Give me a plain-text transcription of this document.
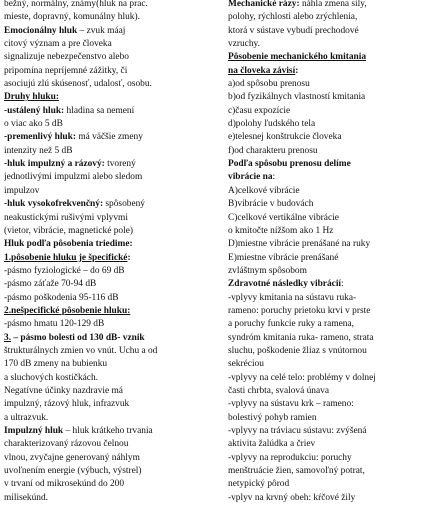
bežný, normálny, známy(hluk na prac.
mieste, dopravný, komunálny hluk).
Emocionálny hluk – zvuk máaj
citový význam a pre človeka
signalizuje nebezpečenstvo alebo
pripomína nepríjemné zážitky, či
asociujú zlú skúsenosť, udalosť, osobu.
Druhy hluku:
-ustálený hluk: hladina sa nemení
o viac ako 5 dB
-premenlivý hluk: má väčšie zmeny
intenzity než 5 dB
-hluk impulzný a rázový: tvorený
jednotlivými impulzmi alebo sledom
impulzov
-hluk vysokofrekvenčný: spôsobený
neakustickými rušivými vplyvmi
(vietor, vibrácie, magnetické pole)
Hluk podľa pôsobenia triedime:
1.pôsobenie hluku je špecifické:
-pásmo fyziologické – do 69 dB
-pásmo záťaže 70-94 dB
-pásmo poškodenia 95-116 dB
2.nešpecifické pôsobenie hluku:
-pásmo hmatu 120-129 dB
3. – pásmo bolesti od 130 dB- vznik
štrukturálnych zmien vo vnút. Uchu a od
170 dB zmeny na bubienku
a sluchových kostičkách.
Negatívne účinky nazdravie má
impulzný, rázový hluk, infrazvuk
a ultrazvuk.
Impulzný hluk – hluk krátkeho trvania
charakterizovaný rázovou čelnou
vlnou, zvyčajne generovaný náhlym
uvoľnením energie (výbuch, výstrel)
v trvaní od mikrosekúnd do 200
milisekúnd.
Mechanické rázy: náhla zmena sily,
polohy, rýchlosti alebo zrýchlenia,
ktorá v sústave vybudí prechodové
vzruchy.
Pôsobenie mechanického kmitania
na človeka závisí:
a)od spôsobu prenosu
b)od fyzikálnych vlastností kmitania
c)času expozície
d)polohy ľudského tela
e)telesnej konštrukcie človeka
f)od charakteru prenosu
Podľa spôsobu prenosu delíme
vibrácie na:
A)celkové vibrácie
B)vibrácie v budovách
C)celkové vertikálne vibrácie
o kmitočte nížšom ako 1 Hz
D)miestne vibrácie prenášané na ruky
E)miestne vibrácie prenášané
zvláštnym spôsobom
Zdravotné následky vibrácií:
-vplyvy kmitania na sústavu ruka-
rameno: poruchy prietoku krvi v prste
a poruchy funkcie ruky a ramena,
syndróm kmitania ruka- rameno, strata
sluchu, poškodenie žliaz s vnútornou
sekréciou
-vplyvy na celé telo: problémy v dolnej
časti chrbta, svalová únava
-vplyvy na sústavu krk – rameno:
bolestivý pohyb ramien
-vplyvy na tráviacu sústavu: zvýšená
aktivita žalúdka a čriev
-vplyvy na reprodukciu: poruchy
menštruácie žien, samovoľný potrat,
netypický pôrod
-vplyv na krvný obeh: kŕčové žily
